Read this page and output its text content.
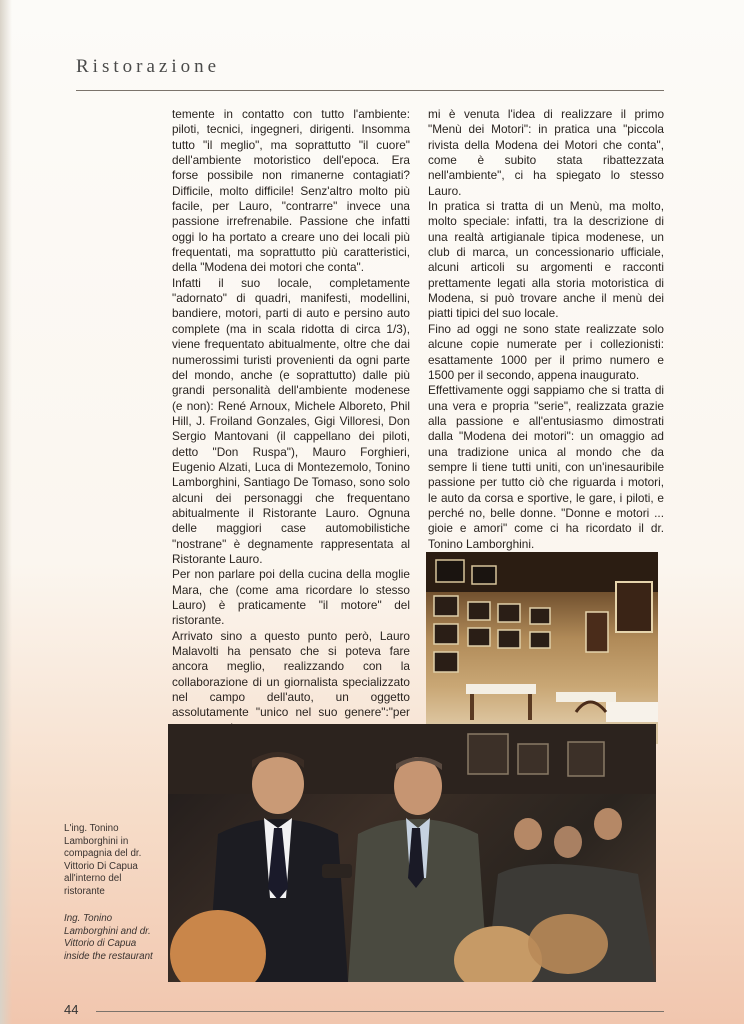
Ristorazione

temente in contatto con tutto l'ambiente: piloti, tecnici, ingegneri, dirigenti. Insomma tutto "il meglio", ma soprattutto "il cuore" dell'ambiente motoristico dell'epoca. Era forse possibile non rimanerne contagiati? Difficile, molto difficile! Senz'altro molto più facile, per Lauro, "contrarre" invece una passione irrefrenabile. Passione che infatti oggi lo ha portato a creare uno dei locali più frequentati, ma soprattutto più caratteristici, della "Modena dei motori che conta".

Infatti il suo locale, completamente "adornato" di quadri, manifesti, modellini, bandiere, motori, parti di auto e persino auto complete (ma in scala ridotta di circa 1/3), viene frequentato abitualmente, oltre che dai numerossimi turisti provenienti da ogni parte del mondo, anche (e soprattutto) dalle più grandi personalità dell'ambiente modenese (e non): René Arnoux, Michele Alboreto, Phil Hill, J. Froiland Gonzales, Gigi Villoresi, Don Sergio Mantovani (il cappellano dei piloti, detto "Don Ruspa"), Mauro Forghieri, Eugenio Alzati, Luca di Montezemolo, Tonino Lamborghini, Santiago De Tomaso, sono solo alcuni dei personaggi che frequentano abitualmente il Ristorante Lauro. Ognuna delle maggiori case automobilistiche "nostrane" è degnamente rappresentata al Ristorante Lauro.

Per non parlare poi della cucina della moglie Mara, che (come ama ricordare lo stesso Lauro) è praticamente "il motore" del ristorante.

Arrivato sino a questo punto però, Lauro Malavolti ha pensato che si poteva fare ancora meglio, realizzando con la collaborazione di un giornalista specializzato nel campo dell'auto, un oggetto assolutamente "unico nel suo genere":"per

mi è venuta l'idea di realizzare il primo "Menù dei Motori": in pratica una "piccola rivista della Modena dei Motori che conta", come è subito stata ribattezzata nell'ambiente", ci ha spiegato lo stesso Lauro.

In pratica si tratta di un Menù, ma molto, molto speciale: infatti, tra la descrizione di una realtà artigianale tipica modenese, un club di marca, un concessionario ufficiale, alcuni articoli su argomenti e racconti prettamente legati alla storia motoristica di Modena, si può trovare anche il menù dei piatti tipici del suo locale.

Fino ad oggi ne sono state realizzate solo alcune copie numerate per i collezionisti: esattamente 1000 per il primo numero e 1500 per il secondo, appena inaugurato.

Effettivamente oggi sappiamo che si tratta di una vera e propria "serie", realizzata grazie alla passione e all'entusiasmo dimostrati dalla "Modena dei motori": un omaggio ad una tradizione unica al mondo che da sempre li tiene tutti uniti, con un'inesauribile passione per tutto ciò che riguarda i motori, le auto da corsa e sportive, le gare, i piloti, e perché no, belle donne. "Donne e motori ... gioie e amori" come ci ha ricordato il dr. Tonino Lamborghini.

L'ing. Tonino Lamborghini in compagnia del dr. Vittorio Di Capua all'interno del ristorante

Ing. Tonino Lamborghini and dr. Vittorio di Capua inside the restaurant

44
